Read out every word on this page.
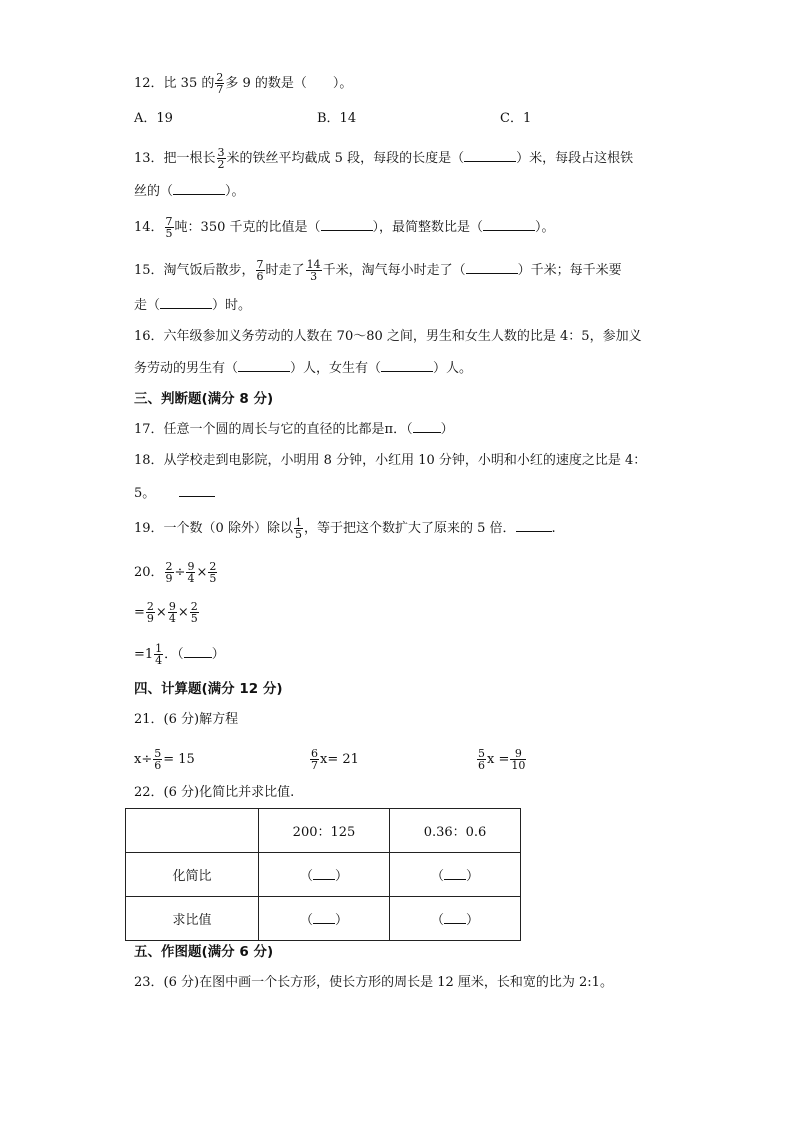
12．比 35 的 $\frac{2}{7}$ 多 9 的数是（　　）。
A．19	B．14	C．1
13．把一根长 $\frac{3}{2}$ 米的铁丝平均截成 5 段，每段的长度是（	）米，每段占这根铁
丝的（	）。
14． $\frac{7}{5}$ 吨：350 千克的比值是（	），最简整数比是（	）。
15．淘气饭后散步， $\frac{7}{6}$ 时走了 $\frac{14}{3}$ 千米，淘气每小时走了（	）千米；每千米要
走（	）时。
16．六年级参加义务劳动的人数在 70～80 之间，男生和女生人数的比是 4：5，参加义
务劳动的男生有（	）人，女生有（	）人。
三、判断题(满分 8 分)
17．任意一个圆的周长与它的直径的比都是π．（ ）
18．从学校走到电影院，小明用 8 分钟，小红用 10 分钟，小明和小红的速度之比是 4：
5。
19．一个数（0 除外）除以 $\frac{1}{5}$ ，等于把这个数扩大了原来的 5 倍．	.
20． $\frac{2}{9} \div \frac{9}{4} \times \frac{2}{5}$
= $\frac{2}{9} \times \frac{9}{4} \times \frac{2}{5}$
$=1 \frac{1}{4}$ ．（ ）
四、计算题(满分 12 分)
21．(6 分)解方程
$x\div \frac{5}{6} = 15$	$\frac{6}{7} x= 21$	$\frac{5}{6}$ $x = \frac{9}{10}$
22．(6 分)化简比并求比值.
	200：125	0.36：0.6
化简比	（ ）	（ ）
求比值	（ ）	（ ）
五、作图题(满分 6 分)
23．(6 分)在图中画一个长方形，使长方形的周长是 12 厘米，长和宽的比为 2:1。
